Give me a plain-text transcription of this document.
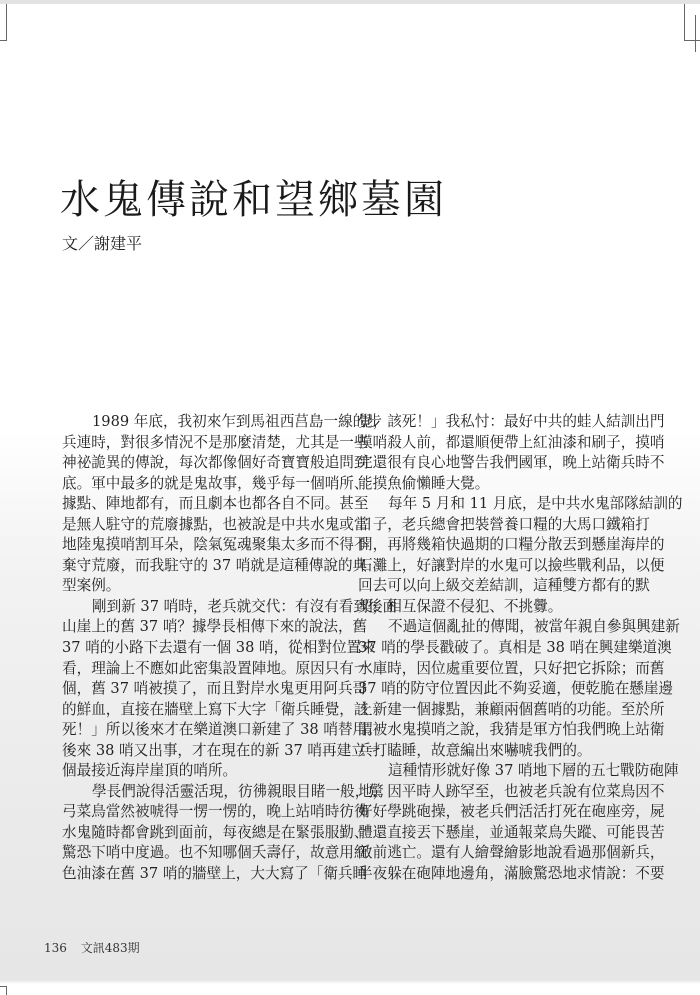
水鬼傳說和望鄉墓園
文／謝建平
1989 年底，我初來乍到馬祖西莒島一線的步
兵連時，對很多情況不是那麼清楚，尤其是一些
神祕詭異的傳說，每次都像個好奇寶寶般追問到
底。軍中最多的就是鬼故事，幾乎每一個哨所、
據點、陣地都有，而且劇本也都各自不同。甚至
是無人駐守的荒廢據點，也被說是中共水鬼或當
地陸鬼摸哨割耳朵，陰氣冤魂聚集太多而不得不
棄守荒廢，而我駐守的 37 哨就是這種傳說的典
型案例。
剛到新 37 哨時，老兵就交代：有沒有看到後面
山崖上的舊 37 哨？據學長相傳下來的說法，舊
37 哨的小路下去還有一個 38 哨，從相對位置來
看，理論上不應如此密集設置陣地。原因只有一
個，舊 37 哨被摸了，而且對岸水鬼更用阿兵哥
的鮮血，直接在牆壁上寫下大字「衛兵睡覺，該
死！」所以後來才在樂道澳口新建了 38 哨替用。
後來 38 哨又出事，才在現在的新 37 哨再建立一
個最接近海岸崖頂的哨所。
學長們說得活靈活現，彷彿親眼目睹一般，驚
弓菜鳥當然被唬得一愣一愣的，晚上站哨時彷彿
水鬼隨時都會跳到面前，每夜總是在緊張服勤、
驚恐下哨中度過。也不知哪個夭壽仔，故意用紅
色油漆在舊 37 哨的牆壁上，大大寫了「衛兵睡
覺，該死！」我私忖：最好中共的蛙人結訓出門
摸哨殺人前，都還順便帶上紅油漆和刷子，摸哨
完還很有良心地警告我們國軍，晚上站衛兵時不
能摸魚偷懶睡大覺。
每年 5 月和 11 月底，是中共水鬼部隊結訓的
日子，老兵總會把裝營養口糧的大馬口鐵箱打
開，再將幾箱快過期的口糧分散丟到懸崖海岸的
石灘上，好讓對岸的水鬼可以撿些戰利品，以便
回去可以向上級交差結訓，這種雙方都有的默
契，相互保證不侵犯、不挑釁。
不過這個亂扯的傳聞，被當年親自參與興建新
37 哨的學長戳破了。真相是 38 哨在興建樂道澳
水庫時，因位處重要位置，只好把它拆除；而舊
37 哨的防守位置因此不夠妥適，便乾脆在懸崖邊
上新建一個據點，兼顧兩個舊哨的功能。至於所
謂被水鬼摸哨之說，我猜是軍方怕我們晚上站衛
兵打瞌睡，故意編出來嚇唬我們的。
這種情形就好像 37 哨地下層的五七戰防砲陣
地，因平時人跡罕至，也被老兵說有位菜鳥因不
好好學跳砲操，被老兵們活活打死在砲座旁，屍
體還直接丟下懸崖，並通報菜鳥失蹤、可能畏苦
敵前逃亡。還有人繪聲繪影地說看過那個新兵，
半夜躲在砲陣地邊角，滿臉驚恐地求情說：不要
136 文訊483期
